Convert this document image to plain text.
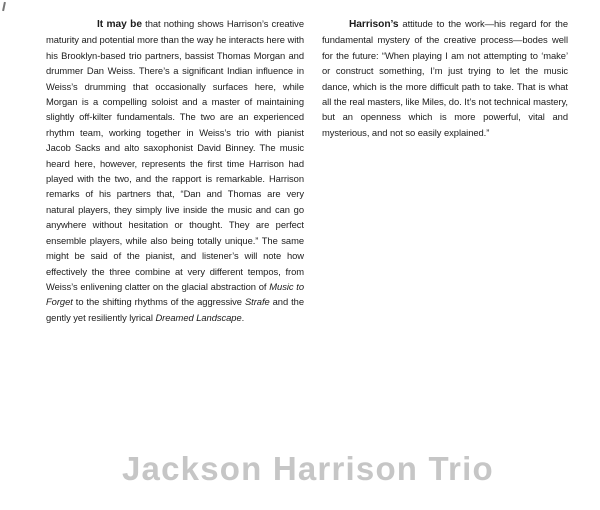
It may be that nothing shows Harrison’s creative maturity and potential more than the way he interacts here with his Brooklyn-based trio partners, bassist Thomas Morgan and drummer Dan Weiss. There’s a significant Indian influence in Weiss’s drumming that occasionally surfaces here, while Morgan is a compelling soloist and a master of maintaining slightly off-kilter fundamentals. The two are an experienced rhythm team, working together in Weiss’s trio with pianist Jacob Sacks and alto saxophonist David Binney. The music heard here, however, represents the first time Harrison had played with the two, and the rapport is remarkable. Harrison remarks of his partners that, “Dan and Thomas are very natural players, they simply live inside the music and can go anywhere without hesitation or thought. They are perfect ensemble players, while also being totally unique.” The same might be said of the pianist, and listener’s will note how effectively the three combine at very different tempos, from Weiss’s enlivening clatter on the glacial abstraction of Music to Forget to the shifting rhythms of the aggressive Strafe and the gently yet resiliently lyrical Dreamed Landscape.

Harrison’s attitude to the work—his regard for the fundamental mystery of the creative process—bodes well for the future: “When playing I am not attempting to ‘make’ or construct something, I’m just trying to let the music dance, which is the more difficult path to take. That is what all the real masters, like Miles, do. It’s not technical mastery, but an openness which is more powerful, vital and mysterious, and not so easily explained.”

Jackson Harrison Trio
